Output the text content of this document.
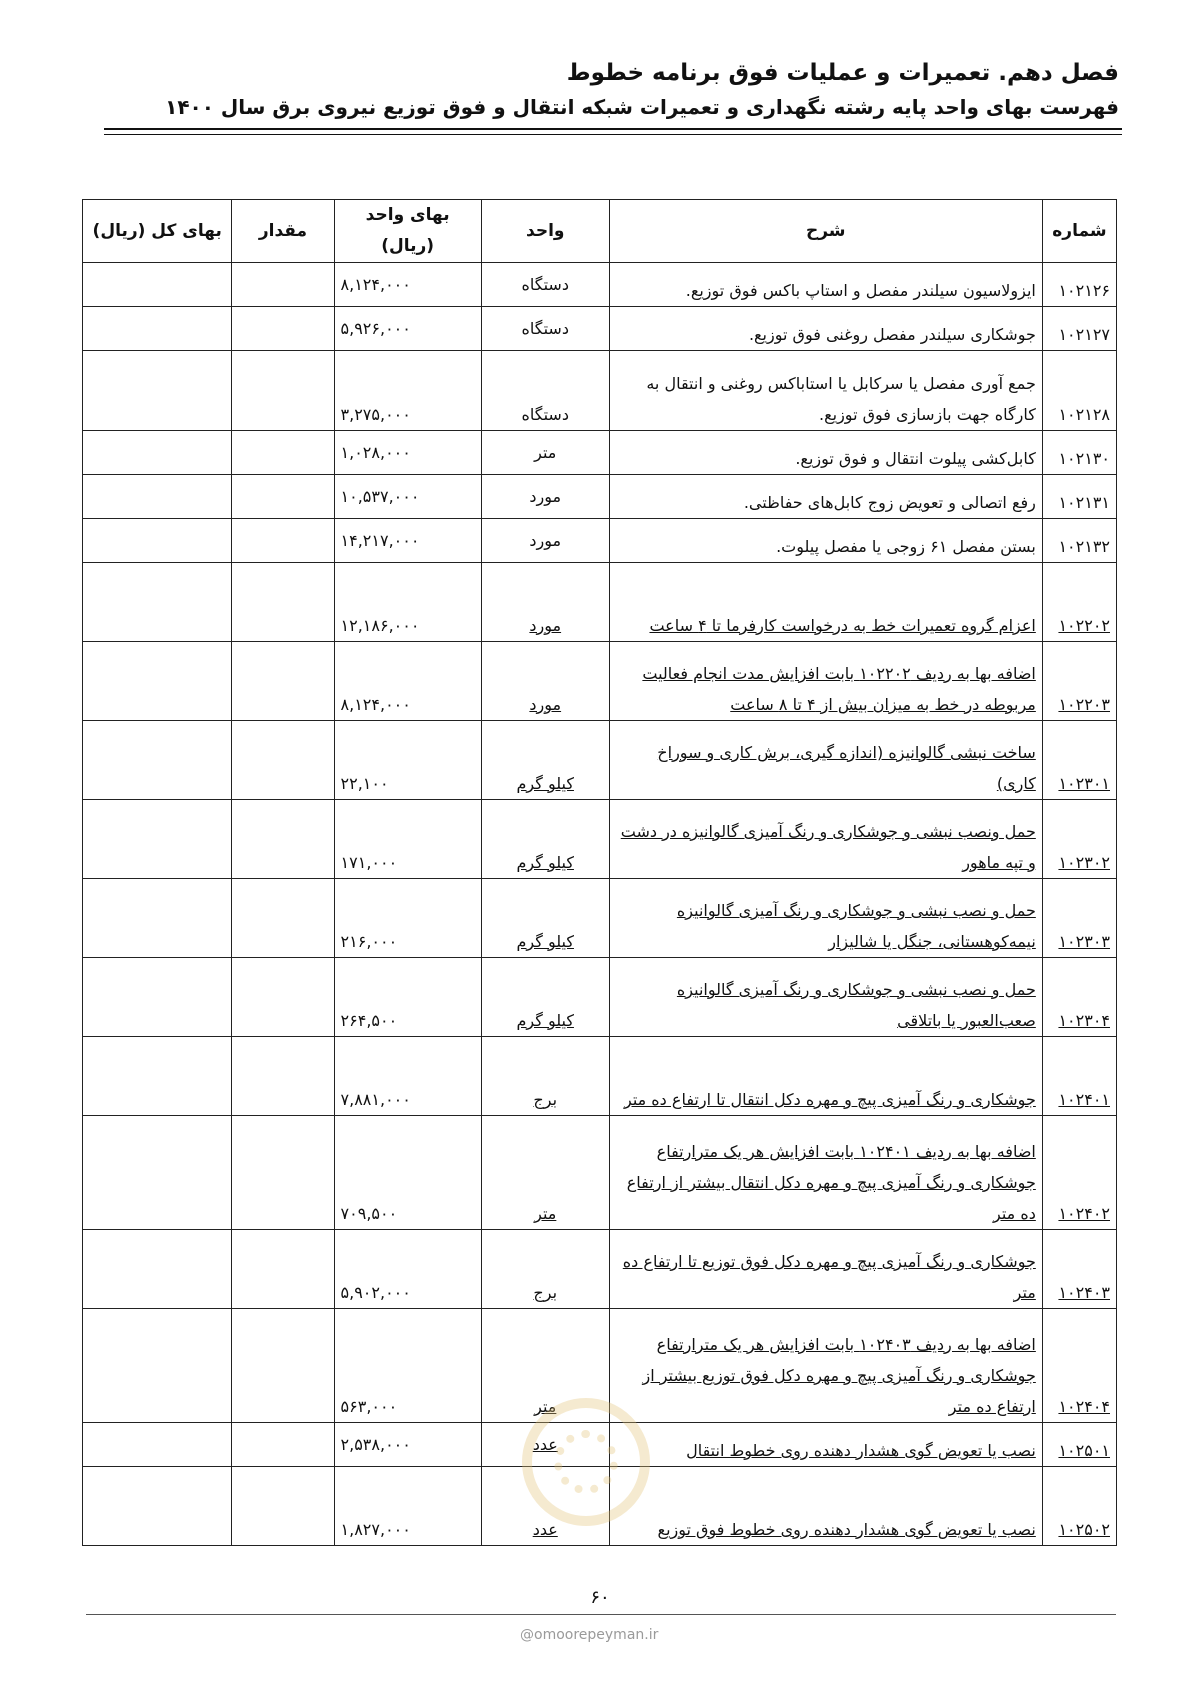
فصل دهم. تعمیرات و عملیات فوق برنامه خطوط
فهرست بهای واحد پایه رشته نگهداری و تعمیرات شبکه انتقال و فوق توزیع نیروی برق سال ۱۴۰۰
شماره	شرح	واحد	بهای واحد (ریال)	مقدار	بهای کل (ریال)
۱۰۲۱۲۶	ایزولاسیون سیلندر مفصل و استاپ باکس فوق توزیع.	دستگاه	۸,۱۲۴,۰۰۰		
۱۰۲۱۲۷	جوشکاری سیلندر مفصل روغنی فوق توزیع.	دستگاه	۵,۹۲۶,۰۰۰		
۱۰۲۱۲۸	جمع آوری مفصل یا سرکابل یا استاباکس روغنی و انتقال به کارگاه جهت بازسازی فوق توزیع.	دستگاه	۳,۲۷۵,۰۰۰		
۱۰۲۱۳۰	کابل‌کشی پیلوت انتقال و فوق توزیع.	متر	۱,۰۲۸,۰۰۰		
۱۰۲۱۳۱	رفع اتصالی و تعویض زوج کابل‌های حفاظتی.	مورد	۱۰,۵۳۷,۰۰۰		
۱۰۲۱۳۲	بستن مفصل ۶۱ زوجی یا مفصل پیلوت.	مورد	۱۴,۲۱۷,۰۰۰		
۱۰۲۲۰۲	اعزام گروه تعمیرات خط به درخواست کارفرما تا ۴ ساعت	مورد	۱۲,۱۸۶,۰۰۰		
۱۰۲۲۰۳	اضافه بها به ردیف ۱۰۲۲۰۲ بابت افزایش مدت انجام فعالیت مربوطه در خط به میزان بیش از ۴ تا ۸ ساعت	مورد	۸,۱۲۴,۰۰۰		
۱۰۲۳۰۱	ساخت نبشی گالوانیزه (اندازه گیری، برش کاری و سوراخ کاری)	کیلو گرم	۲۲,۱۰۰		
۱۰۲۳۰۲	حمل ونصب نبشی و جوشکاری و رنگ آمیزی گالوانیزه در دشت و تپه ماهور	کیلو گرم	۱۷۱,۰۰۰		
۱۰۲۳۰۳	حمل و نصب نبشی و جوشکاری و رنگ آمیزی گالوانیزه نیمه‌کوهستانی، جنگل یا شالیزار	کیلو گرم	۲۱۶,۰۰۰		
۱۰۲۳۰۴	حمل و نصب نبشی و جوشکاری و رنگ آمیزی گالوانیزه صعب‌العبور یا باتلاقی	کیلو گرم	۲۶۴,۵۰۰		
۱۰۲۴۰۱	جوشکاری و رنگ آمیزی پیچ و مهره دکل انتقال تا ارتفاع ده متر	برج	۷,۸۸۱,۰۰۰		
۱۰۲۴۰۲	اضافه بها به ردیف ۱۰۲۴۰۱ بابت افزایش هر یک مترارتفاع جوشکاری و رنگ آمیزی پیچ و مهره دکل انتقال بیشتر از ارتفاع ده متر	متر	۷۰۹,۵۰۰		
۱۰۲۴۰۳	جوشکاری و رنگ آمیزی پیچ و مهره دکل فوق توزیع تا ارتفاع ده متر	برج	۵,۹۰۲,۰۰۰		
۱۰۲۴۰۴	اضافه بها به ردیف ۱۰۲۴۰۳ بابت افزایش هر یک مترارتفاع جوشکاری و رنگ آمیزی پیچ و مهره دکل فوق توزیع بیشتر از ارتفاع ده متر	متر	۵۶۳,۰۰۰		
۱۰۲۵۰۱	نصب یا تعویض گوی هشدار دهنده روی خطوط انتقال	عدد	۲,۵۳۸,۰۰۰		
۱۰۲۵۰۲	نصب یا تعویض گوی هشدار دهنده روی خطوط فوق توزیع	عدد	۱,۸۲۷,۰۰۰		
۶۰
@omoorepeyman.ir
